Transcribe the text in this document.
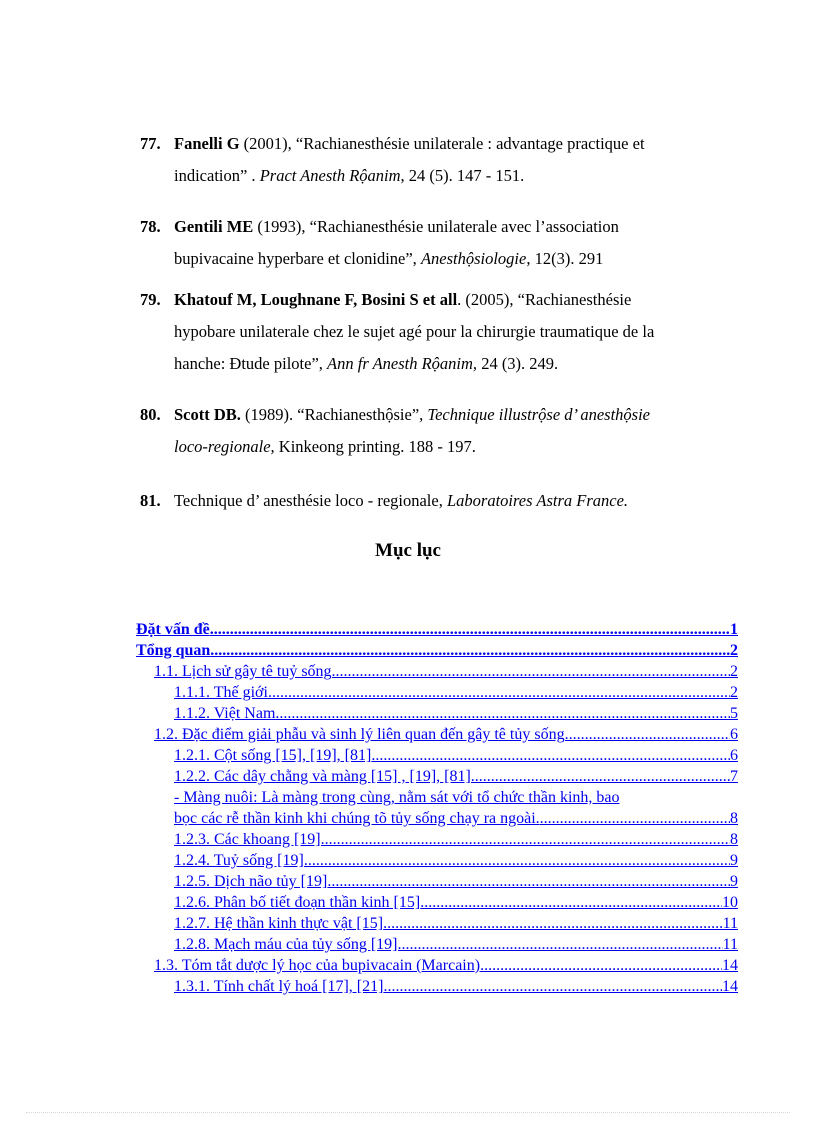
77. Fanelli G (2001), “Rachianesthésie unilaterale : advantage practique et
indication” . Pract Anesth Rộanim, 24 (5). 147 - 151.
78. Gentili ME (1993), “Rachianesthésie unilaterale avec l’association
bupivacaine hyperbare et clonidine”, Anesthộsiologie, 12(3). 291
79. Khatouf M, Loughnane F, Bosini S et all. (2005), “Rachianesthésie
hypobare unilaterale chez le sujet agé pour la chirurgie traumatique de la
hanche: Đtude pilote”, Ann fr Anesth Rộanim, 24 (3). 249.
80. Scott DB. (1989). “Rachianesthộsie”, Technique illustrộse d’ anesthộsie
loco-regionale, Kinkeong printing. 188 - 197.
81. Technique d’ anesthésie loco - regionale, Laboratoires Astra France.
Mục lục
Đặt vấn đề .....	1
Tổng quan .....	2
1.1. Lịch sử gây tê tuỷ sống .....	2
1.1.1. Thế giới .....	2
1.1.2. Việt Nam .....	5
1.2. Đặc điểm giải phẫu và sinh lý liên quan đến gây tê tủy sống .....	6
1.2.1. Cột sống [15], [19], [81] .....	6
1.2.2. Các dây chằng và màng [15] , [19], [81] .....	7
- Màng nuôi: Là màng trong cùng, nằm sát với tổ chức thần kinh, bao
bọc các rễ thần kinh khi chúng tõ tủy sống chạy ra ngoài. .....	8
1.2.3. Các khoang [19] .....	8
1.2.4. Tuỷ sống [19] .....	9
1.2.5. Dịch não tủy [19] .....	9
1.2.6. Phân bố tiết đoạn thần kinh [15] .....	10
1.2.7. Hệ thần kinh thực vật [15] .....	11
1.2.8. Mạch máu của tủy sống [19] .....	11
1.3. Tóm tắt dược lý học của bupivacain (Marcain) .....	14
1.3.1. Tính chất lý hoá [17], [21] .....	14
